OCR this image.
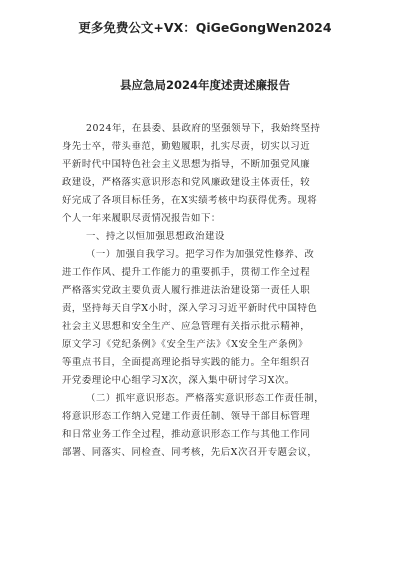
更多免费公文+VX：QiGeGongWen2024
县应急局2024年度述责述廉报告
2024年，在县委、县政府的坚强领导下，我始终坚持
身先士卒，带头垂范，勤勉履职，扎实尽责，切实以习近
平新时代中国特色社会主义思想为指导，不断加强党风廉
政建设，严格落实意识形态和党风廉政建设主体责任，较
好完成了各项目标任务，在X实绩考核中均获得优秀。现将
个人一年来履职尽责情况报告如下：
一、持之以恒加强思想政治建设
（一）加强自我学习。把学习作为加强党性修养、改
进工作作风、提升工作能力的重要抓手，贯彻工作全过程
严格落实党政主要负责人履行推进法治建设第一责任人职
责，坚持每天自学X小时，深入学习习近平新时代中国特色
社会主义思想和安全生产、应急管理有关指示批示精神，
原文学习《党纪条例》《安全生产法》《X安全生产条例》
等重点书目，全面提高理论指导实践的能力。全年组织召
开党委理论中心组学习X次，深入集中研讨学习X次。
（二）抓牢意识形态。严格落实意识形态工作责任制，
将意识形态工作纳入党建工作责任制、领导干部目标管理
和日常业务工作全过程，推动意识形态工作与其他工作同
部署、同落实、同检查、同考核，先后X次召开专题会议，
